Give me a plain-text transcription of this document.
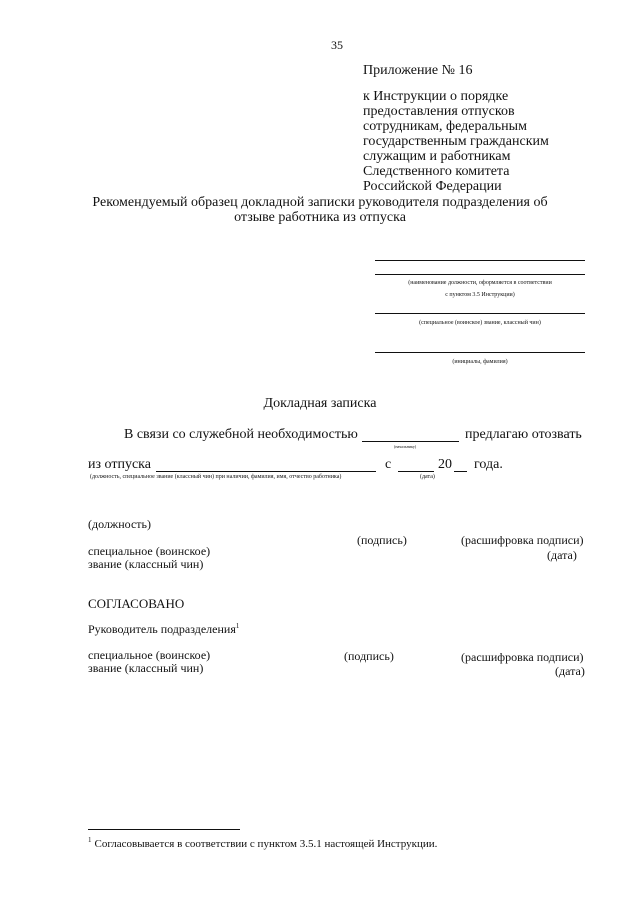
35
Приложение № 16
к Инструкции о порядке
предоставления отпусков
сотрудникам, федеральным
государственным гражданским
служащим и работникам
Следственного комитета
Российской Федерации
Рекомендуемый образец докладной записки руководителя подразделения об
отзыве работника из отпуска
(наименование должности, оформляется в соответствии
с пунктом 3.5 Инструкции)
(специальное (воинское) звание, классный чин)
(инициалы, фамилия)
Докладная записка
В связи со служебной необходимостью
(начальнику)
предлагаю отозвать
из отпуска	с	20 года.
(должность, специальное звание (классный чин) при наличии, фамилия, имя, отчество работника)	(дата)
(должность)
(подпись)	(расшифровка подписи)
специальное (воинское)	(дата)
звание (классный чин)
СОГЛАСОВАНО
Руководитель подразделения$^1$
специальное (воинское)	(подпись)	(расшифровка подписи)
звание (классный чин)	(дата)
$^1$ Согласовывается в соответствии с пунктом 3.5.1 настоящей Инструкции.
